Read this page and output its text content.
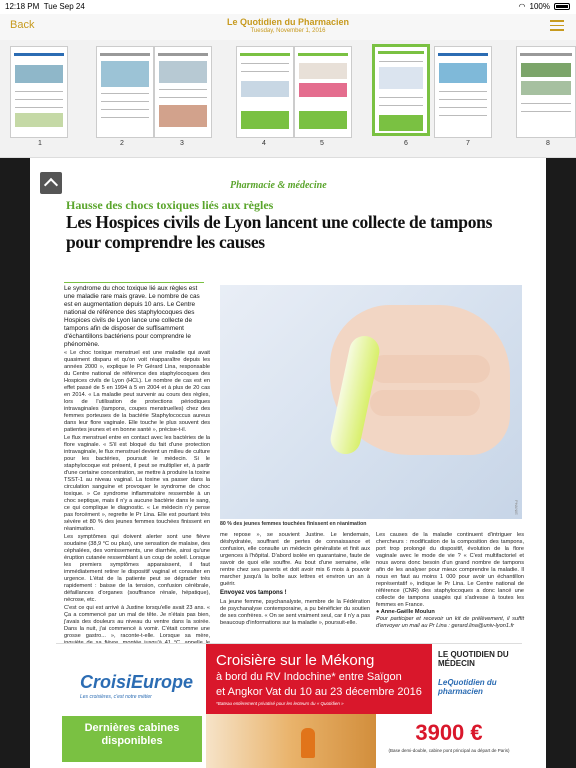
12:18 PM Tue Sep 24	◠ 100%
Back	Le Quotidien du Pharmacien
Tuesday, November 1, 2016
1	2	3	4	5	6	7	8
Pharmacie & médecine
Hausse des chocs toxiques liés aux règles
Les Hospices civils de Lyon lancent une collecte de tampons pour comprendre les causes
Le syndrome du choc toxique lié aux règles est une maladie rare mais grave. Le nombre de cas est en augmentation depuis 10 ans. Le Centre national de référence des staphylocoques des Hospices civils de Lyon lance une collecte de tampons afin de disposer de suffisamment d'échantillons bactériens pour comprendre le phénomène.

« Le choc toxique menstruel est une maladie qui avait quasiment disparu et qu'on voit réapparaître depuis les années 2000 », explique le Pr Gérard Lina, responsable du Centre national de référence des staphylocoques des Hospices civils de Lyon (HCL). Le nombre de cas est en effet passé de 5 en 1994 à 5 en 2004 et à plus de 20 cas en 2014. « La maladie peut survenir au cours des règles, lors de l'utilisation de protections périodiques intravaginales (tampons, coupes menstruelles) chez des femmes porteuses de la bactérie Staphylococcus aureus dans leur flore vaginale. Elle touche le plus souvent des patientes jeunes et en bonne santé », précise-t-il.

Le flux menstruel entre en contact avec les bactéries de la flore vaginale. « S'il est bloqué du fait d'une protection intravaginale, le flux menstruel devient un milieu de culture pour les bactéries, poursuit le médecin. Si le staphylocoque est présent, il peut se multiplier et, à partir d'une certaine concentration, se mettre à produire la toxine TSST-1 au niveau vaginal. La toxine va passer dans la circulation sanguine et provoquer le syndrome de choc toxique. » Ce syndrome inflammatoire ressemble à un choc septique, mais il n'y a aucune bactérie dans le sang, ce qui complique le diagnostic. « Le médecin n'y pense pas forcément », regrette le Pr Lina. Elle est pourtant très sévère et 80 % des jeunes femmes touchées finissent en réanimation.

Les symptômes qui doivent alerter sont une fièvre soudaine (38,9 °C ou plus), une sensation de malaise, des céphalées, des vomissements, une diarrhée, ainsi qu'une éruption cutanée ressemblant à un coup de soleil. Lorsque les premiers symptômes apparaissent, il faut immédiatement retirer le dispositif vaginal et consulter en urgence. L'état de la patiente peut se dégrader très rapidement : baisse de la tension, confusion cérébrale, défaillances d'organes (souffrance rénale, hépatique), nécrose, etc.

C'est ce qui est arrivé à Justine lorsqu'elle avait 23 ans. « Ça a commencé par un mal de tête. Je n'étais pas bien, j'avais des douleurs au niveau du ventre dans la soirée. Dans la nuit, j'ai commencé à vomir. C'était comme une grosse gastro... », raconte-t-elle. Lorsque sa mère,

PHANIE
80 % des jeunes femmes touchées finissent en réanimation

me repose », se souvient Justine. Le lendemain, déshydratée, souffrant de pertes de connaissance et confusion, elle consulte un médecin généraliste et finit aux urgences à l'hôpital. D'abord isolée en quarantaine, faute de savoir de quoi elle souffre. Au bout d'une semaine, elle rentre chez ses parents et doit avoir mis 6 mois à pouvoir marcher jusqu'à la boîte aux lettres et environ un an à guérir.

Envoyez vos tampons !

La jeune femme, psychanalyste, membre de la Fédération de psychanalyse contemporaine, a pu bénéficier du soutien de ses confrères. « On se sent vraiment seul, car il n'y a pas beaucoup d'informations sur la maladie », poursuit-elle.

Les causes de la maladie continuent d'intriguer les chercheurs : modification de la composition des tampons, port trop prolongé du dispositif, évolution de la flore vaginale avec le mode de vie ? « C'est multifactoriel et nous avons donc besoin d'un grand nombre de tampons afin de les analyser pour mieux comprendre la maladie. Il nous en faut au moins 1 000 pour avoir un échantillon représentatif », indique le Pr Lina. Le Centre national de référence (CNR) des staphylocoques a donc lancé une collecte de tampons usagés qui s'adresse à toutes les femmes en France.

● Anne-Gaëlle Moulun

Pour participer et recevoir un kit de prélèvement, il suffit d'envoyer un mail au Pr Lina : gerard.lina@univ-lyon1.fr

CroisiEurope
Les croisières, c'est notre métier
Dernières cabines disponibles
Croisière sur le Mékong
à bord du RV Indochine* entre Saïgon
et Angkor Vat du 10 au 23 décembre 2016
*Bateau entièrement privatisé pour les lecteurs du « Quotidien »
LE QUOTIDIEN DU MÉDECIN
LeQuotidien du pharmacien
3900 €
(Base demi-double, cabine pont principal au départ de Paris)
